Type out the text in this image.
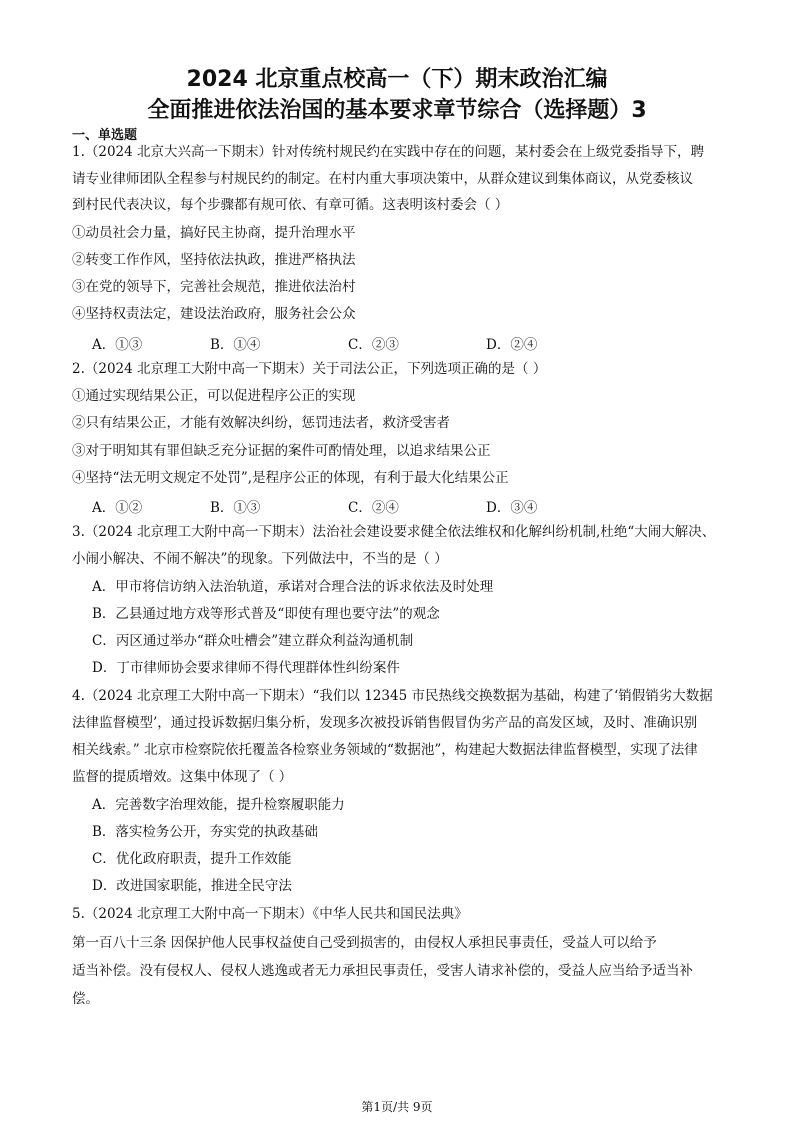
2024 北京重点校高一（下）期末政治汇编
全面推进依法治国的基本要求章节综合（选择题）3
一、单选题
1.（2024 北京大兴高一下期末）针对传统村规民约在实践中存在的问题，某村委会在上级党委指导下，聘
请专业律师团队全程参与村规民约的制定。在村内重大事项决策中，从群众建议到集体商议，从党委核议
到村民代表决议，每个步骤都有规可依、有章可循。这表明该村委会（ ）
①动员社会力量，搞好民主协商，提升治理水平
②转变工作作风，坚持依法执政，推进严格执法
③在党的领导下，完善社会规范，推进依法治村
④坚持权责法定，建设法治政府，服务社会公众
A．①③	B．①④	C．②③	D．②④
2.（2024 北京理工大附中高一下期末）关于司法公正，下列选项正确的是（ ）
①通过实现结果公正，可以促进程序公正的实现
②只有结果公正，才能有效解决纠纷，惩罚违法者，救济受害者
③对于明知其有罪但缺乏充分证据的案件可酌情处理，以追求结果公正
④坚持“法无明文规定不处罚”,是程序公正的体现，有利于最大化结果公正
A．①②	B．①③	C．②④	D．③④
3.（2024 北京理工大附中高一下期末）法治社会建设要求健全依法维权和化解纠纷机制,杜绝“大闹大解决、
小闹小解决、不闹不解决”的现象。下列做法中，不当的是（ ）
A．甲市将信访纳入法治轨道，承诺对合理合法的诉求依法及时处理
B．乙县通过地方戏等形式普及“即使有理也要守法”的观念
C．丙区通过举办“群众吐槽会”建立群众利益沟通机制
D．丁市律师协会要求律师不得代理群体性纠纷案件
4.（2024 北京理工大附中高一下期末）“我们以 12345 市民热线交换数据为基础，构建了‘销假销劣大数据
法律监督模型’，通过投诉数据归集分析，发现多次被投诉销售假冒伪劣产品的高发区域，及时、准确识别
相关线索。” 北京市检察院依托覆盖各检察业务领域的“数据池”，构建起大数据法律监督模型，实现了法律
监督的提质增效。这集中体现了（ ）
A．完善数字治理效能，提升检察履职能力
B．落实检务公开，夯实党的执政基础
C．优化政府职责，提升工作效能
D．改进国家职能，推进全民守法
5.（2024 北京理工大附中高一下期末）《中华人民共和国民法典》
第一百八十三条 因保护他人民事权益使自己受到损害的，由侵权人承担民事责任，受益人可以给予
适当补偿。没有侵权人、侵权人逃逸或者无力承担民事责任，受害人请求补偿的，受益人应当给予适当补
偿。
第1页/共 9页
